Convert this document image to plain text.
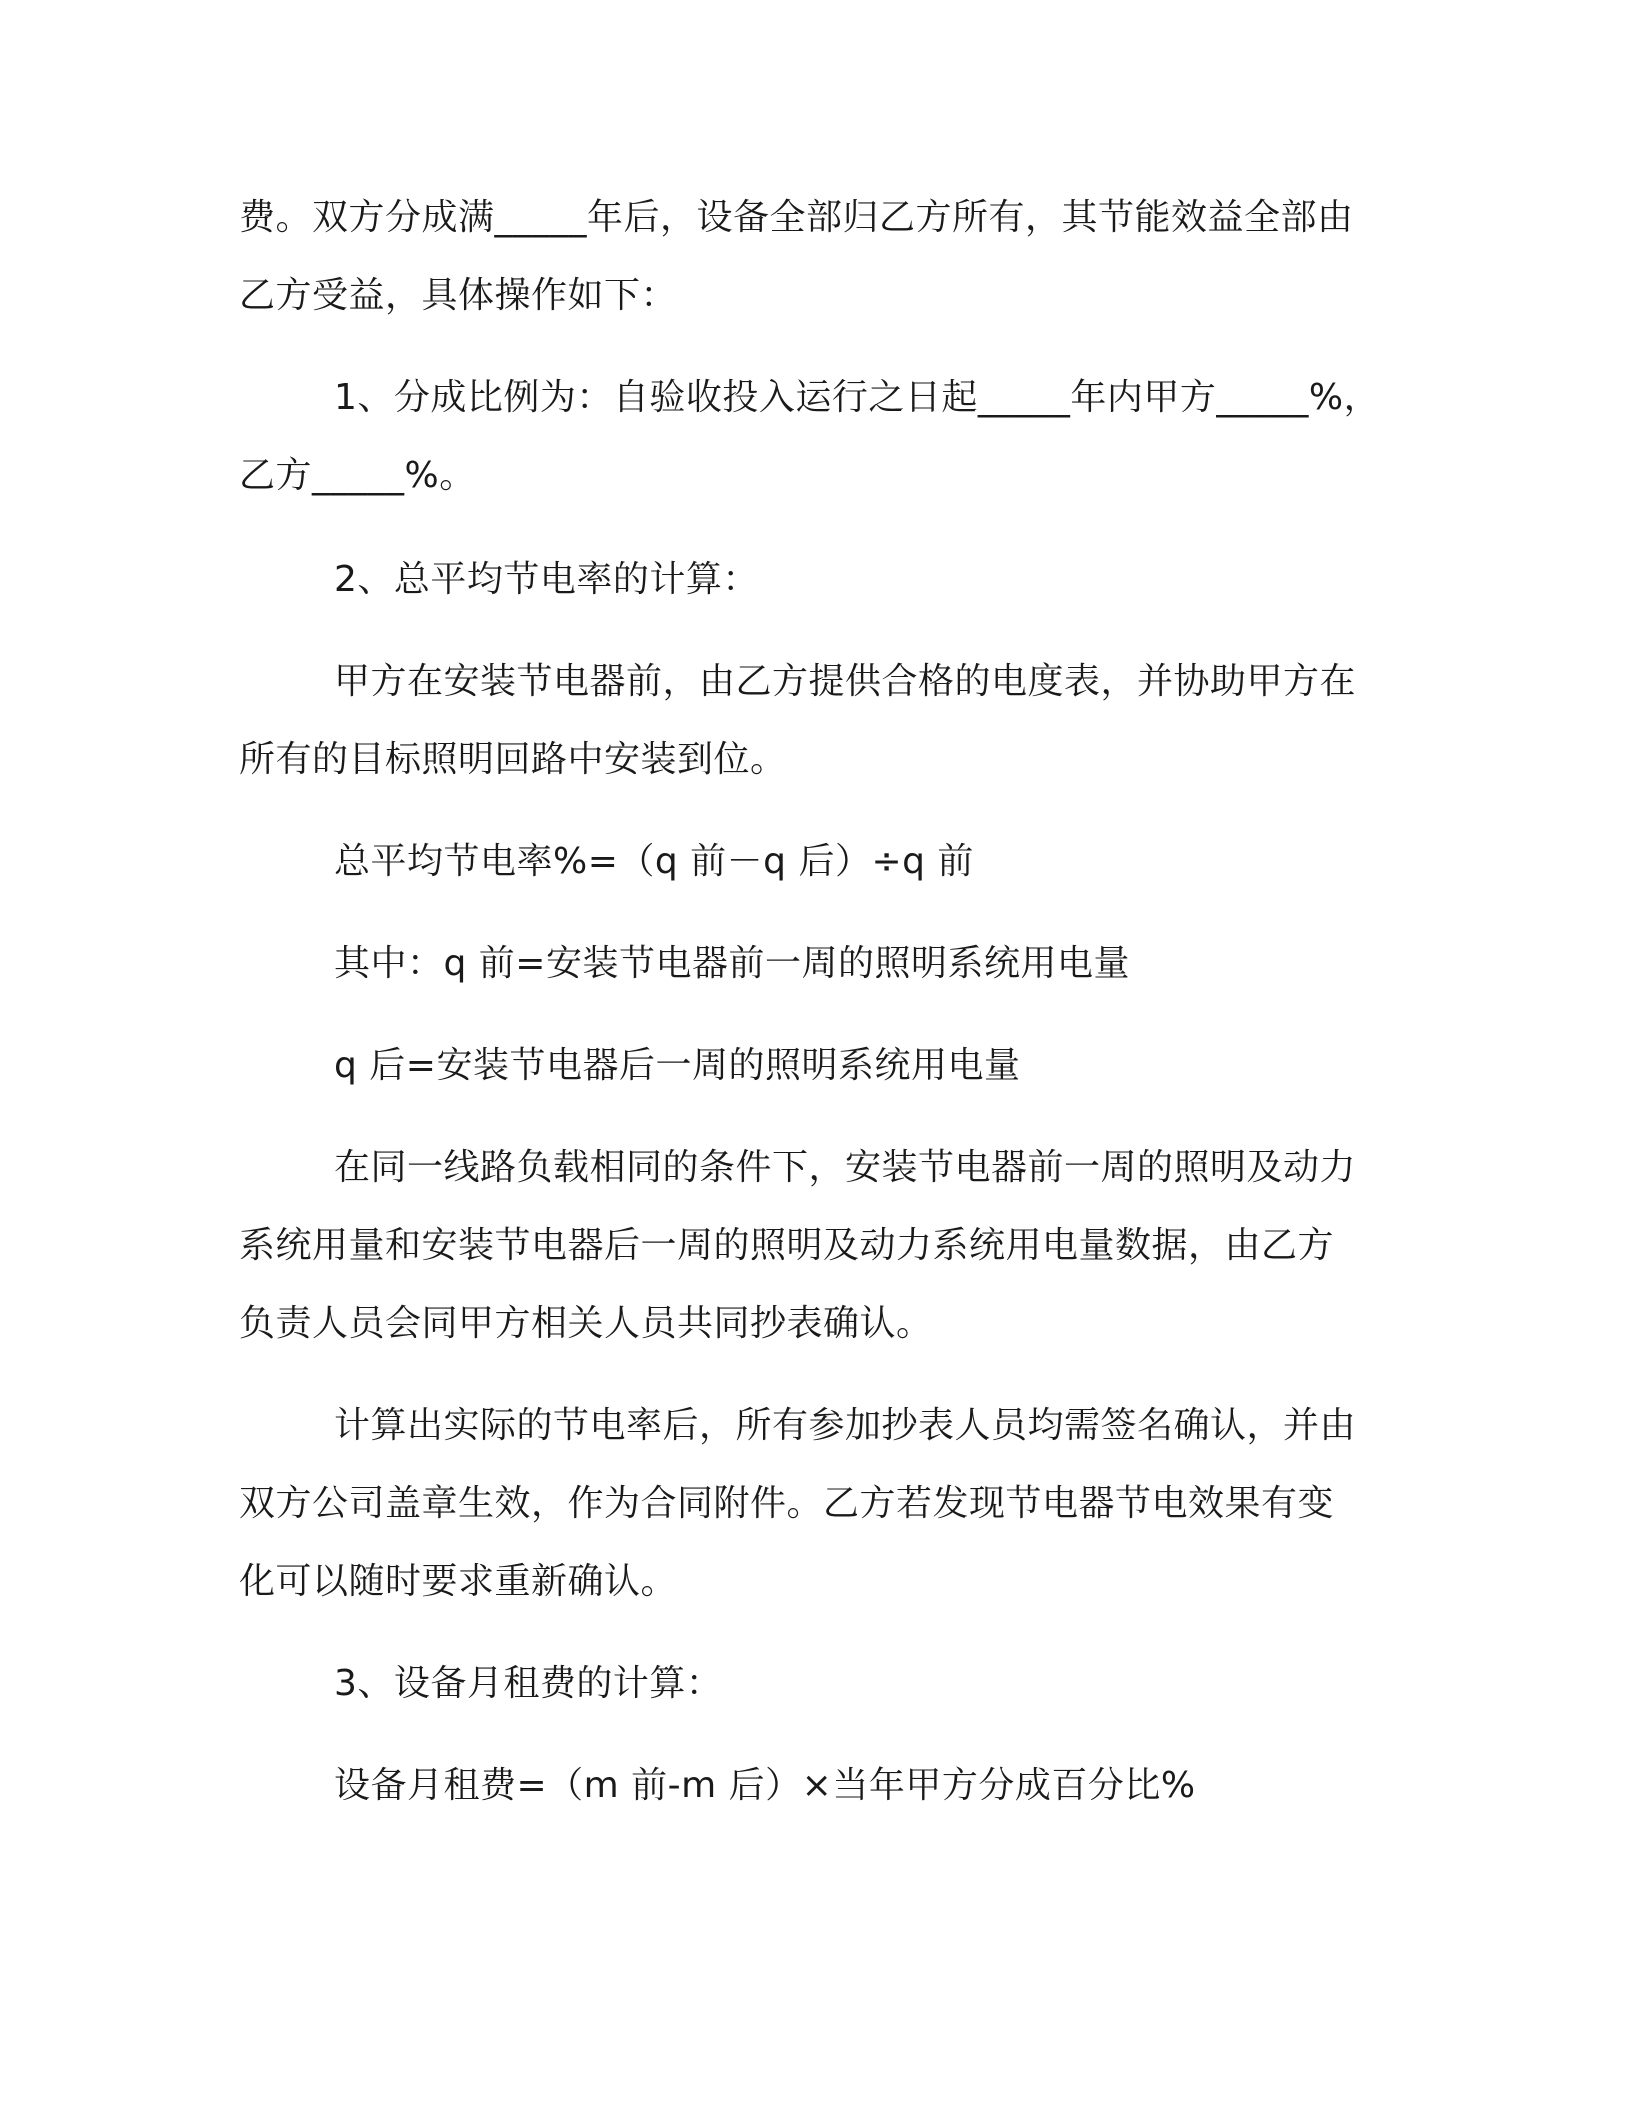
费。双方分成满_____年后，设备全部归乙方所有，其节能效益全部由
乙方受益，具体操作如下：
1、分成比例为：自验收投入运行之日起_____年内甲方_____%，
乙方_____%。
2、总平均节电率的计算：
甲方在安装节电器前，由乙方提供合格的电度表，并协助甲方在
所有的目标照明回路中安装到位。
总平均节电率%=（q 前－q 后）÷q 前
其中：q 前=安装节电器前一周的照明系统用电量
q 后=安装节电器后一周的照明系统用电量
在同一线路负载相同的条件下，安装节电器前一周的照明及动力
系统用量和安装节电器后一周的照明及动力系统用电量数据，由乙方
负责人员会同甲方相关人员共同抄表确认。
计算出实际的节电率后，所有参加抄表人员均需签名确认，并由
双方公司盖章生效，作为合同附件。乙方若发现节电器节电效果有变
化可以随时要求重新确认。
3、设备月租费的计算：
设备月租费=（m 前-m 后）×当年甲方分成百分比%
